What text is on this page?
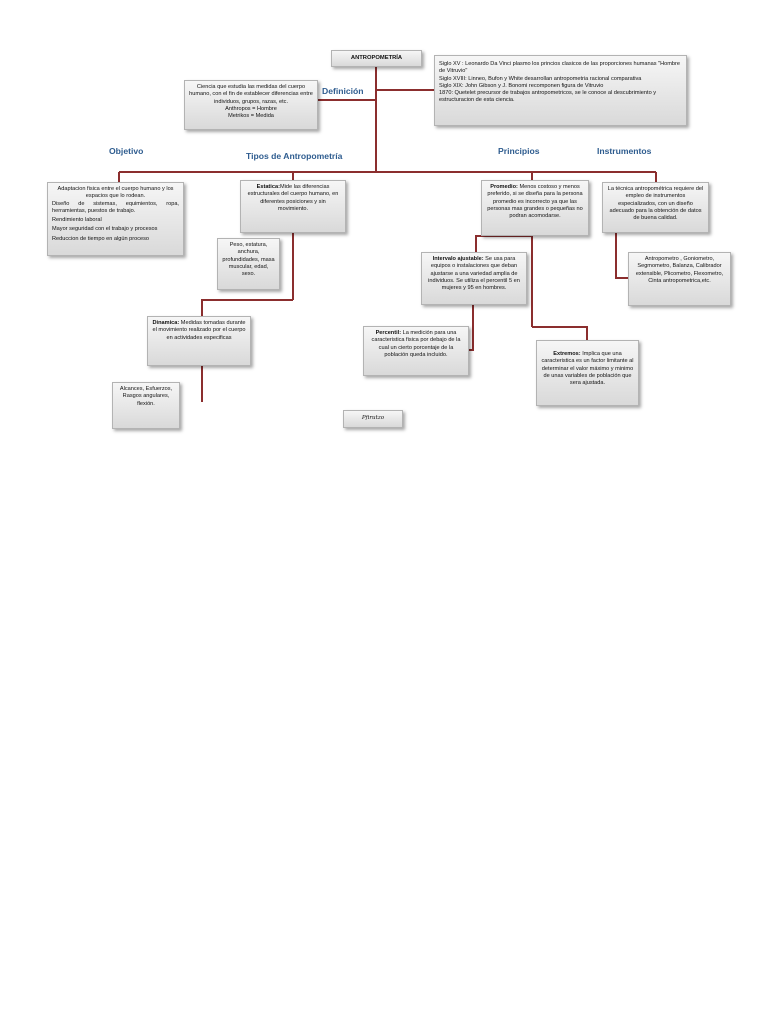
ANTROPOMETRÍA
Definición
Objetivo	Tipos de Antropometría	Principios	Instrumentos
Ciencia que estudia las medidas del cuerpo humano, con el fin de establecer diferencias entre individuos, grupos, razas, etc.
Anthropos = Hombre
Metrikos = Medida
Siglo XV : Leonardo Da Vinci plasmo los princios clasicos de las proporciones humanas "Hombre de Vitruvio"
Siglo XVIII: Linneo, Bufon y White desarrollan antropometria racional comparativa
Siglo XIX: John Gibson y J. Bonomi recomponen figura de Vitruvio
1870: Quetelet precursor de trabajos antropometricos, se le conoce al descubrimiento y estructuracion de esta ciencia.
Adaptacion fisica entre el cuerpo humano y los espacios que lo rodean.
Diseño de sistemas, equimientos, ropa, herramientas, puestos de trabajo.
Rendimiento laboral
Mayor seguridad con el trabajo y procesos
Reduccion de tiempo en algún proceso
Estatica:Mide las diferencias estructurales del cuerpo humano, en diferentes posiciones y sin movimiento.
Peso, estatura, anchura, profundidades, masa muscular, edad, sexo.
Dinamica: Medidas tomadas durante el movimiento realizado por el cuerpo en actividades especificas
Alcances, Esfuerzos, Rasgos angulares, flexión.
Promedio: Menos costoso y menos preferido, si se diseña para la persona promedio es incorrecto ya que las personas mas grandes o pequeñas no podran acomodarse.
Intervalo ajustable: Se usa para equipos o instalaciones que deban ajustarse a una variedad amplia de individuos. Se utiliza el percentil 5 en mujeres y 95 en hombres.
Percentil: La medición para una caracteristica fisica por debajo de la cual un cierto porcentaje de la población queda incluido.
Pfirutzo
Extremos: Implica que una caracteristica es un factor limitante al determinar el valor máximo y minimo de unas variables de población que sera ajustada.
La técnica antropométrica requiere del empleo de instrumentos especializados, con un diseño adecuado para la obtención de datos de buena calidad.
Antropometro , Goniometro, Segmometro, Balanza, Calibrador extensible, Plicometro, Flexometro, Cinta antropometrica,etc.
